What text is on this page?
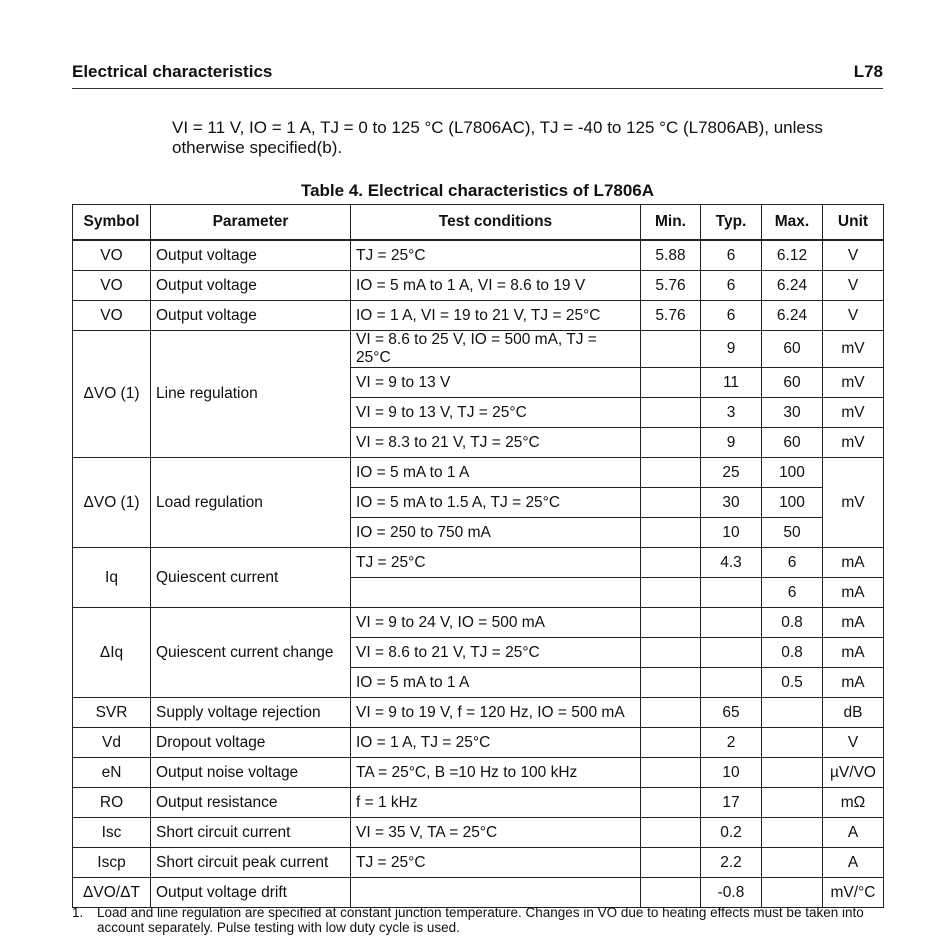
Electrical characteristics	L78
VI = 11 V, IO = 1 A, TJ = 0 to 125 °C (L7806AC), TJ = -40 to 125 °C (L7806AB), unless otherwise specified(b).
Table 4. Electrical characteristics of L7806A
Symbol	Parameter	Test conditions	Min.	Typ.	Max.	Unit
VO	Output voltage	TJ = 25°C	5.88	6	6.12	V
VO	Output voltage	IO = 5 mA to 1 A, VI = 8.6 to 19 V	5.76	6	6.24	V
VO	Output voltage	IO = 1 A, VI = 19 to 21 V, TJ = 25°C	5.76	6	6.24	V
ΔVO (1)	Line regulation	VI = 8.6 to 25 V, IO = 500 mA, TJ = 25°C		9	60	mV
		VI = 9 to 13 V		11	60	mV
		VI = 9 to 13 V, TJ = 25°C		3	30	mV
		VI = 8.3 to 21 V, TJ = 25°C		9	60	mV
ΔVO (1)	Load regulation	IO = 5 mA to 1 A		25	100	mV
		IO = 5 mA to 1.5 A, TJ = 25°C		30	100	
		IO = 250 to 750 mA		10	50	
Iq	Quiescent current	TJ = 25°C		4.3	6	mA
					6	mA
ΔIq	Quiescent current change	VI = 9 to 24 V, IO = 500 mA			0.8	mA
		VI = 8.6 to 21 V, TJ = 25°C			0.8	mA
		IO = 5 mA to 1 A			0.5	mA
SVR	Supply voltage rejection	VI = 9 to 19 V, f = 120 Hz, IO = 500 mA		65		dB
Vd	Dropout voltage	IO = 1 A, TJ = 25°C		2		V
eN	Output noise voltage	TA = 25°C, B =10 Hz to 100 kHz		10		µV/VO
RO	Output resistance	f = 1 kHz		17		mΩ
Isc	Short circuit current	VI = 35 V, TA = 25°C		0.2		A
Iscp	Short circuit peak current	TJ = 25°C		2.2		A
ΔVO/ΔT	Output voltage drift			-0.8		mV/°C
1. Load and line regulation are specified at constant junction temperature. Changes in VO due to heating effects must be taken into account separately. Pulse testing with low duty cycle is used.
